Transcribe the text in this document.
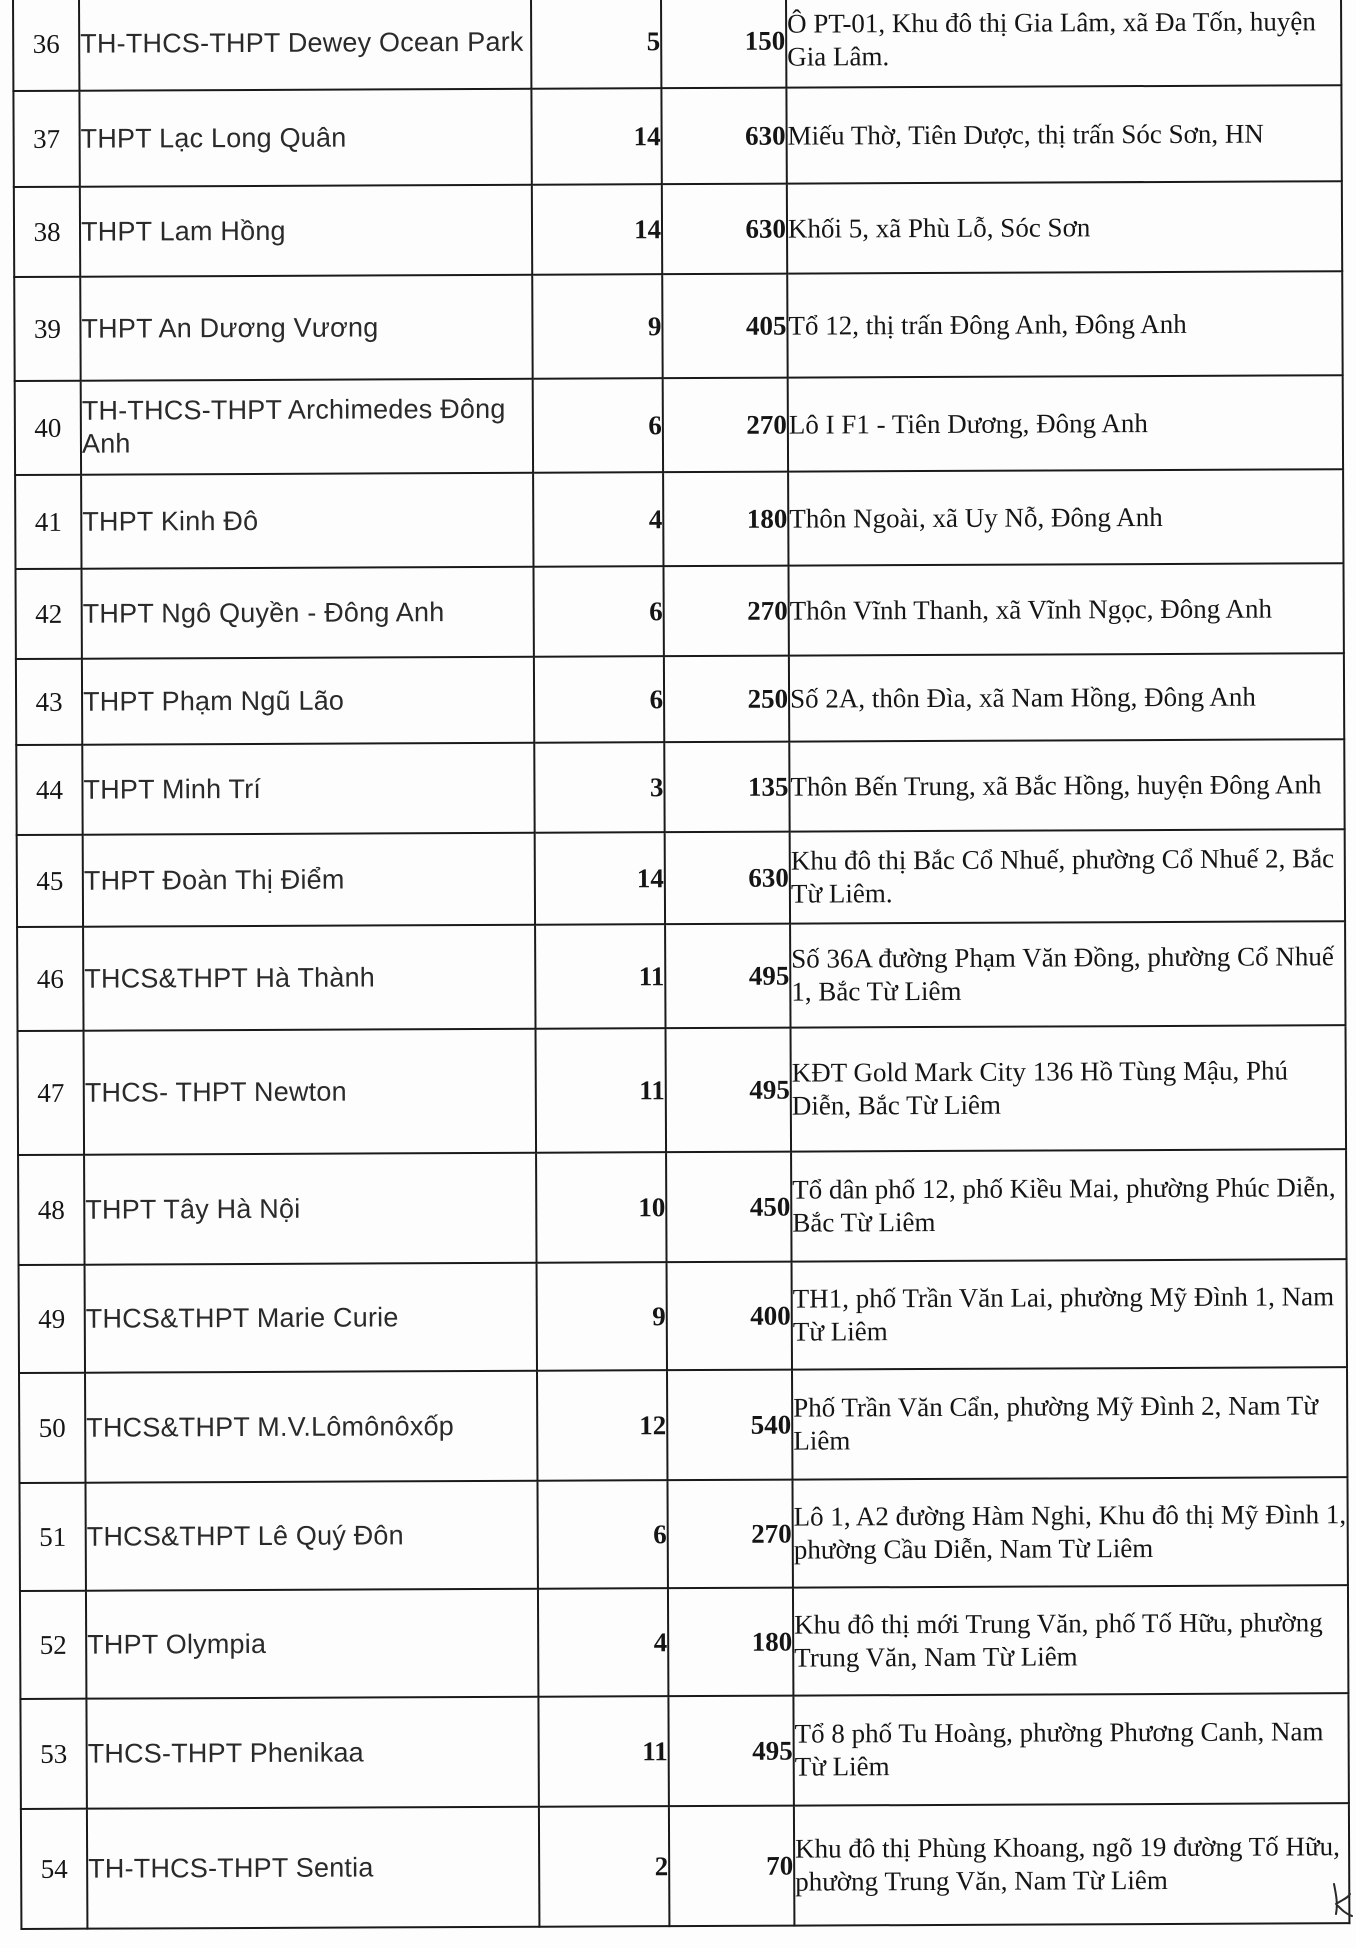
36	TH-THCS-THPT Dewey Ocean Park	5	150	Ô PT-01, Khu đô thị Gia Lâm, xã Đa Tốn, huyện Gia Lâm.
37	THPT Lạc Long Quân	14	630	Miếu Thờ, Tiên Dược, thị trấn Sóc Sơn, HN
38	THPT Lam Hồng	14	630	Khối 5, xã Phù Lỗ, Sóc Sơn
39	THPT An Dương Vương	9	405	Tổ 12, thị trấn Đông Anh, Đông Anh
40	TH-THCS-THPT Archimedes Đông Anh	6	270	Lô I F1 - Tiên Dương, Đông Anh
41	THPT Kinh Đô	4	180	Thôn Ngoài, xã Uy Nỗ, Đông Anh
42	THPT Ngô Quyền - Đông Anh	6	270	Thôn Vĩnh Thanh, xã Vĩnh Ngọc, Đông Anh
43	THPT Phạm Ngũ Lão	6	250	Số 2A, thôn Đìa, xã Nam Hồng, Đông Anh
44	THPT Minh Trí	3	135	Thôn Bến Trung, xã Bắc Hồng, huyện Đông Anh
45	THPT Đoàn Thị Điểm	14	630	Khu đô thị Bắc Cổ Nhuế, phường Cổ Nhuế 2, Bắc Từ Liêm.
46	THCS&THPT Hà Thành	11	495	Số 36A đường Phạm Văn Đồng, phường Cổ Nhuế 1, Bắc Từ Liêm
47	THCS- THPT Newton	11	495	KĐT Gold Mark City 136 Hồ Tùng Mậu, Phú Diễn, Bắc Từ Liêm
48	THPT Tây Hà Nội	10	450	Tổ dân phố 12, phố Kiều Mai, phường Phúc Diễn, Bắc Từ Liêm
49	THCS&THPT Marie Curie	9	400	TH1, phố Trần Văn Lai, phường Mỹ Đình 1, Nam Từ Liêm
50	THCS&THPT M.V.Lômônôxốp	12	540	Phố Trần Văn Cẩn, phường Mỹ Đình 2, Nam Từ Liêm
51	THCS&THPT Lê Quý Đôn	6	270	Lô 1, A2 đường Hàm Nghi, Khu đô thị Mỹ Đình 1, phường Cầu Diễn, Nam Từ Liêm
52	THPT Olympia	4	180	Khu đô thị mới Trung Văn, phố Tố Hữu, phường Trung Văn, Nam Từ Liêm
53	THCS-THPT Phenikaa	11	495	Tổ 8 phố Tu Hoàng, phường Phương Canh, Nam Từ Liêm
54	TH-THCS-THPT Sentia	2	70	Khu đô thị Phùng Khoang, ngõ 19 đường Tố Hữu, phường Trung Văn, Nam Từ Liêm
